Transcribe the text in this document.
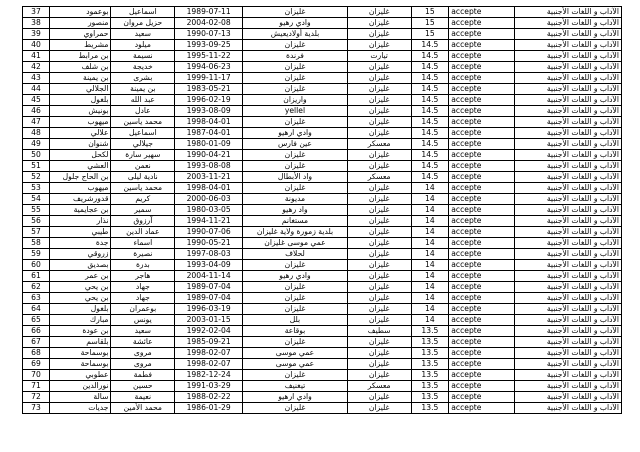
37	بوعمود	اسماعيل	1989-07-11	غليزان	غليزان	15	accepte	الآداب و اللغات الأجنبية
38	منصور	حزيل مروان	2004-02-08	وادي رهيو	غليزان	15	accepte	الآداب و اللغات الأجنبية
39	حمراوي	سعيد	1990-07-13	بلدية أولاديعيش	غليزان	15	accepte	الآداب و اللغات الأجنبية
40	مشريط	ميلود	1993-09-25	غليزان	غليزان	14.5	accepte	الآداب و اللغات الأجنبية
41	بن مرابط	نسيمة	1995-11-22	فرندة	تيارت	14.5	accepte	الآداب و اللغات الأجنبية
42	بن شلف	خديجة	1994-06-23	غليزان	غليزان	14.5	accepte	الآداب و اللغات الأجنبية
43	بن يمينة	بشرى	1999-11-17	غليزان	غليزان	14.5	accepte	الآداب و اللغات الأجنبية
44	الجلالي	بن يمينة	1983-05-21	غليزان	غليزان	14.5	accepte	الآداب و اللغات الأجنبية
45	بلغول	عبد الله	1996-02-19	واريزان	غليزان	14.5	accepte	الآداب و اللغات الأجنبية
46	بونيش	عادل	1993-08-09	yellel	غليزان	14.5	accepte	الآداب و اللغات الأجنبية
47	ميهوب	محمد ياسين	1998-04-01	غليزان	غليزان	14.5	accepte	الآداب و اللغات الأجنبية
48	علالي	اسماعيل	1987-04-01	وادي ارهيو	غليزان	14.5	accepte	الآداب و اللغات الأجنبية
49	شنوان	جيلالي	1980-01-09	عين فارس	معسكر	14.5	accepte	الآداب و اللغات الأجنبية
50	لكحل	سهير سارة	1990-04-21	غليزان	غليزان	14.5	accepte	الآداب و اللغات الأجنبية
51	العشي	نعمن	1993-08-08	غليزان	غليزان	14.5	accepte	الآداب و اللغات الأجنبية
52	بن الحاج جلول	نادية ليلى	2003-11-21	واد الأبطال	معسكر	14.5	accepte	الآداب و اللغات الأجنبية
53	ميهوب	محمد ياسين	1998-04-01	غليزان	غليزان	14	accepte	الآداب و اللغات الأجنبية
54	قدورشريف	كريم	2000-06-03	مديونة	غليزان	14	accepte	الآداب و اللغات الأجنبية
55	بن عجايمية	سمير	1980-03-05	واد رهيو	غليزان	14	accepte	الآداب و اللغات الأجنبية
56	نذار	آرزوق	1994-11-21	مستغانم	غليزان	14	accepte	الآداب و اللغات الأجنبية
57	طيبي	عماد الدين	1990-07-06	بلدية زمورة ولاية غليزان	غليزان	14	accepte	الآداب و اللغات الأجنبية
58	جدة	اسماء	1990-05-21	عمي موسى غليزان	غليزان	14	accepte	الآداب و اللغات الأجنبية
59	زروقي	نصيرة	1997-08-03	لحلاف	غليزان	14	accepte	الآداب و اللغات الأجنبية
60	بصديق	بدرة	1993-04-09	غليزان	غليزان	14	accepte	الآداب و اللغات الأجنبية
61	بن عمر	هاجر	2004-11-14	وادي رهيو	غليزان	14	accepte	الآداب و اللغات الأجنبية
62	بن يحي	جهاد	1989-07-04	غليزان	غليزان	14	accepte	الآداب و اللغات الأجنبية
63	بن يحي	جهاد	1989-07-04	غليزان	غليزان	14	accepte	الآداب و اللغات الأجنبية
64	بلغول	بوعمران	1996-03-19	غليزان	غليزان	14	accepte	الآداب و اللغات الأجنبية
65	مبارك	يونس	2003-01-15	بلل	غليزان	14	accepte	الآداب و اللغات الأجنبية
66	بن عودة	سعيد	1992-02-04	بوقاعة	سطيف	13.5	accepte	الآداب و اللغات الأجنبية
67	بلقاسم	عائشة	1985-09-21	غليزان	غليزان	13.5	accepte	الآداب و اللغات الأجنبية
68	بوسماحة	مروى	1998-02-07	عمي موسى	غليزان	13.5	accepte	الآداب و اللغات الأجنبية
69	بوسماحة	مروى	1998-02-07	عمي موسى	غليزان	13.5	accepte	الآداب و اللغات الأجنبية
70	عطوبي	فطمة	1982-12-24	غليزان	غليزان	13.5	accepte	الآداب و اللغات الأجنبية
71	نورالدين	حسين	1991-03-29	تيغنيف	معسكر	13.5	accepte	الآداب و اللغات الأجنبية
72	سالة	نعيمة	1988-02-22	وادي ارهيو	غليزان	13.5	accepte	الآداب و اللغات الأجنبية
73	جديات	محمد الأمين	1986-01-29	غليزان	غليزان	13.5	accepte	الآداب و اللغات الأجنبية
